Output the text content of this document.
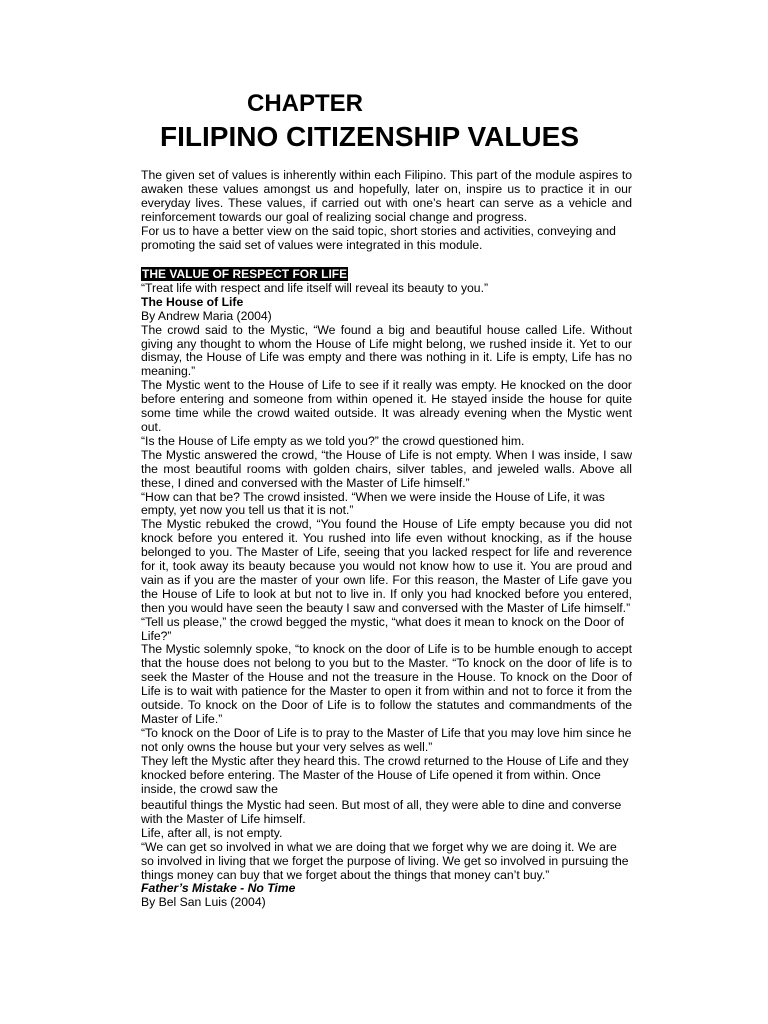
CHAPTER
FILIPINO CITIZENSHIP VALUES

The given set of values is inherently within each Filipino. This part of the module aspires to awaken these values amongst us and hopefully, later on, inspire us to practice it in our everyday lives. These values, if carried out with one’s heart can serve as a vehicle and reinforcement towards our goal of realizing social change and progress.

For us to have a better view on the said topic, short stories and activities, conveying and promoting the said set of values were integrated in this module.

THE VALUE OF RESPECT FOR LIFE

“Treat life with respect and life itself will reveal its beauty to you.”

The House of Life

By Andrew Maria (2004)

The crowd said to the Mystic, “We found a big and beautiful house called Life. Without giving any thought to whom the House of Life might belong, we rushed inside it. Yet to our dismay, the House of Life was empty and there was nothing in it. Life is empty, Life has no meaning.”

The Mystic went to the House of Life to see if it really was empty. He knocked on the door before entering and someone from within opened it. He stayed inside the house for quite some time while the crowd waited outside. It was already evening when the Mystic went out.

“Is the House of Life empty as we told you?” the crowd questioned him.

The Mystic answered the crowd, “the House of Life is not empty. When I was inside, I saw the most beautiful rooms with golden chairs, silver tables, and jeweled walls. Above all these, I dined and conversed with the Master of Life himself.”

“How can that be? The crowd insisted. “When we were inside the House of Life, it was empty, yet now you tell us that it is not.”

The Mystic rebuked the crowd, “You found the House of Life empty because you did not knock before you entered it. You rushed into life even without knocking, as if the house belonged to you. The Master of Life, seeing that you lacked respect for life and reverence for it, took away its beauty because you would not know how to use it. You are proud and vain as if you are the master of your own life. For this reason, the Master of Life gave you the House of Life to look at but not to live in. If only you had knocked before you entered, then you would have seen the beauty I saw and conversed with the Master of Life himself.”

“Tell us please,” the crowd begged the mystic, “what does it mean to knock on the Door of Life?”

The Mystic solemnly spoke, “to knock on the door of Life is to be humble enough to accept that the house does not belong to you but to the Master. “To knock on the door of life is to seek the Master of the House and not the treasure in the House. To knock on the Door of Life is to wait with patience for the Master to open it from within and not to force it from the outside. To knock on the Door of Life is to follow the statutes and commandments of the Master of Life.”

“To knock on the Door of Life is to pray to the Master of Life that you may love him since he not only owns the house but your very selves as well.”

They left the Mystic after they heard this. The crowd returned to the House of Life and they knocked before entering. The Master of the House of Life opened it from within. Once inside, the crowd saw the

beautiful things the Mystic had seen. But most of all, they were able to dine and converse with the Master of Life himself.

Life, after all, is not empty.

“We can get so involved in what we are doing that we forget why we are doing it. We are so involved in living that we forget the purpose of living. We get so involved in pursuing the things money can buy that we forget about the things that money can’t buy.”

Father’s Mistake - No Time

By Bel San Luis (2004)
